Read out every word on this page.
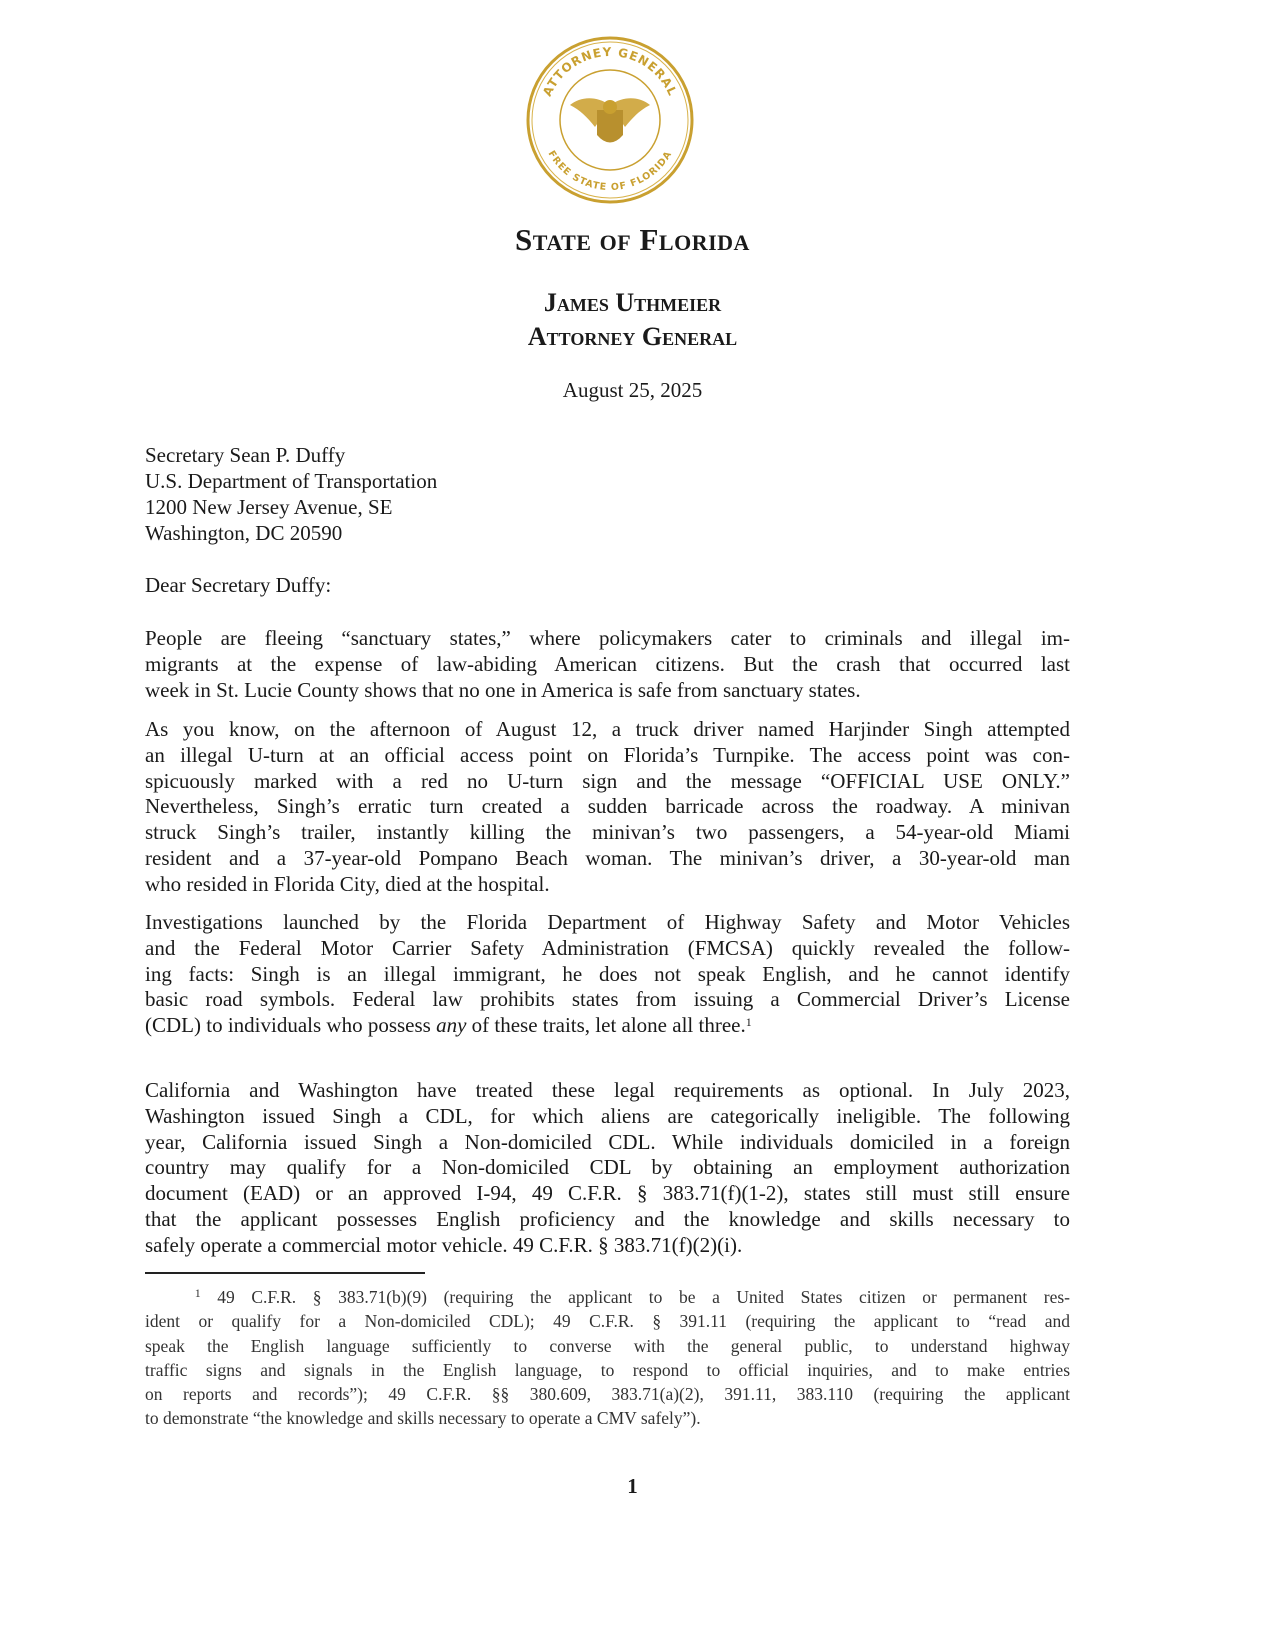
ATTORNEY GENERAL
FREE STATE OF FLORIDA
State of Florida
James Uthmeier
Attorney General
August 25, 2025
Secretary Sean P. Duffy
U.S. Department of Transportation
1200 New Jersey Avenue, SE
Washington, DC 20590
Dear Secretary Duffy:
People are fleeing “sanctuary states,” where policymakers cater to criminals and illegal im-
migrants at the expense of law-abiding American citizens. But the crash that occurred last
week in St. Lucie County shows that no one in America is safe from sanctuary states.
As you know, on the afternoon of August 12, a truck driver named Harjinder Singh attempted
an illegal U-turn at an official access point on Florida’s Turnpike. The access point was con-
spicuously marked with a red no U-turn sign and the message “OFFICIAL USE ONLY.”
Nevertheless, Singh’s erratic turn created a sudden barricade across the roadway. A minivan
struck Singh’s trailer, instantly killing the minivan’s two passengers, a 54-year-old Miami
resident and a 37-year-old Pompano Beach woman. The minivan’s driver, a 30-year-old man
who resided in Florida City, died at the hospital.
Investigations launched by the Florida Department of Highway Safety and Motor Vehicles
and the Federal Motor Carrier Safety Administration (FMCSA) quickly revealed the follow-
ing facts: Singh is an illegal immigrant, he does not speak English, and he cannot identify
basic road symbols. Federal law prohibits states from issuing a Commercial Driver’s License
(CDL) to individuals who possess any of these traits, let alone all three.$^1$
California and Washington have treated these legal requirements as optional. In July 2023,
Washington issued Singh a CDL, for which aliens are categorically ineligible. The following
year, California issued Singh a Non-domiciled CDL. While individuals domiciled in a foreign
country may qualify for a Non-domiciled CDL by obtaining an employment authorization
document (EAD) or an approved I-94, 49 C.F.R. § 383.71(f)(1-2), states still must still ensure
that the applicant possesses English proficiency and the knowledge and skills necessary to
safely operate a commercial motor vehicle. 49 C.F.R. § 383.71(f)(2)(i).
$^1$ 49 C.F.R. § 383.71(b)(9) (requiring the applicant to be a United States citizen or permanent res-
ident or qualify for a Non-domiciled CDL); 49 C.F.R. § 391.11 (requiring the applicant to “read and
speak the English language sufficiently to converse with the general public, to understand highway
traffic signs and signals in the English language, to respond to official inquiries, and to make entries
on reports and records”); 49 C.F.R. §§ 380.609, 383.71(a)(2), 391.11, 383.110 (requiring the applicant
to demonstrate “the knowledge and skills necessary to operate a CMV safely”).
1
